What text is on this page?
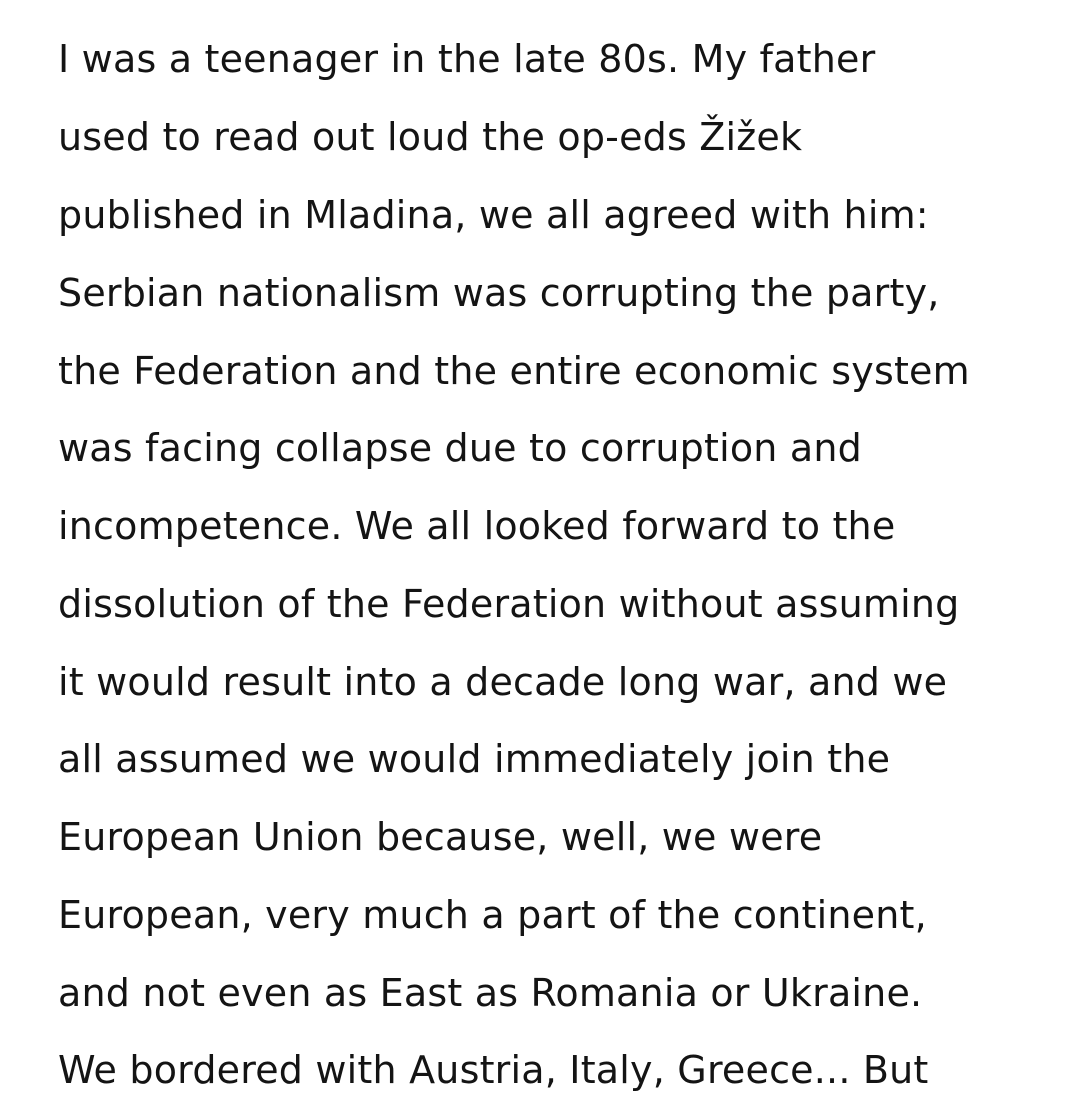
I was a teenager in the late 80s. My father
used to read out loud the op-eds Žižek
published in Mladina, we all agreed with him:
Serbian nationalism was corrupting the party,
the Federation and the entire economic system
was facing collapse due to corruption and
incompetence. We all looked forward to the
dissolution of the Federation without assuming
it would result into a decade long war, and we
all assumed we would immediately join the
European Union because, well, we were
European, very much a part of the continent,
and not even as East as Romania or Ukraine.
We bordered with Austria, Italy, Greece... But
